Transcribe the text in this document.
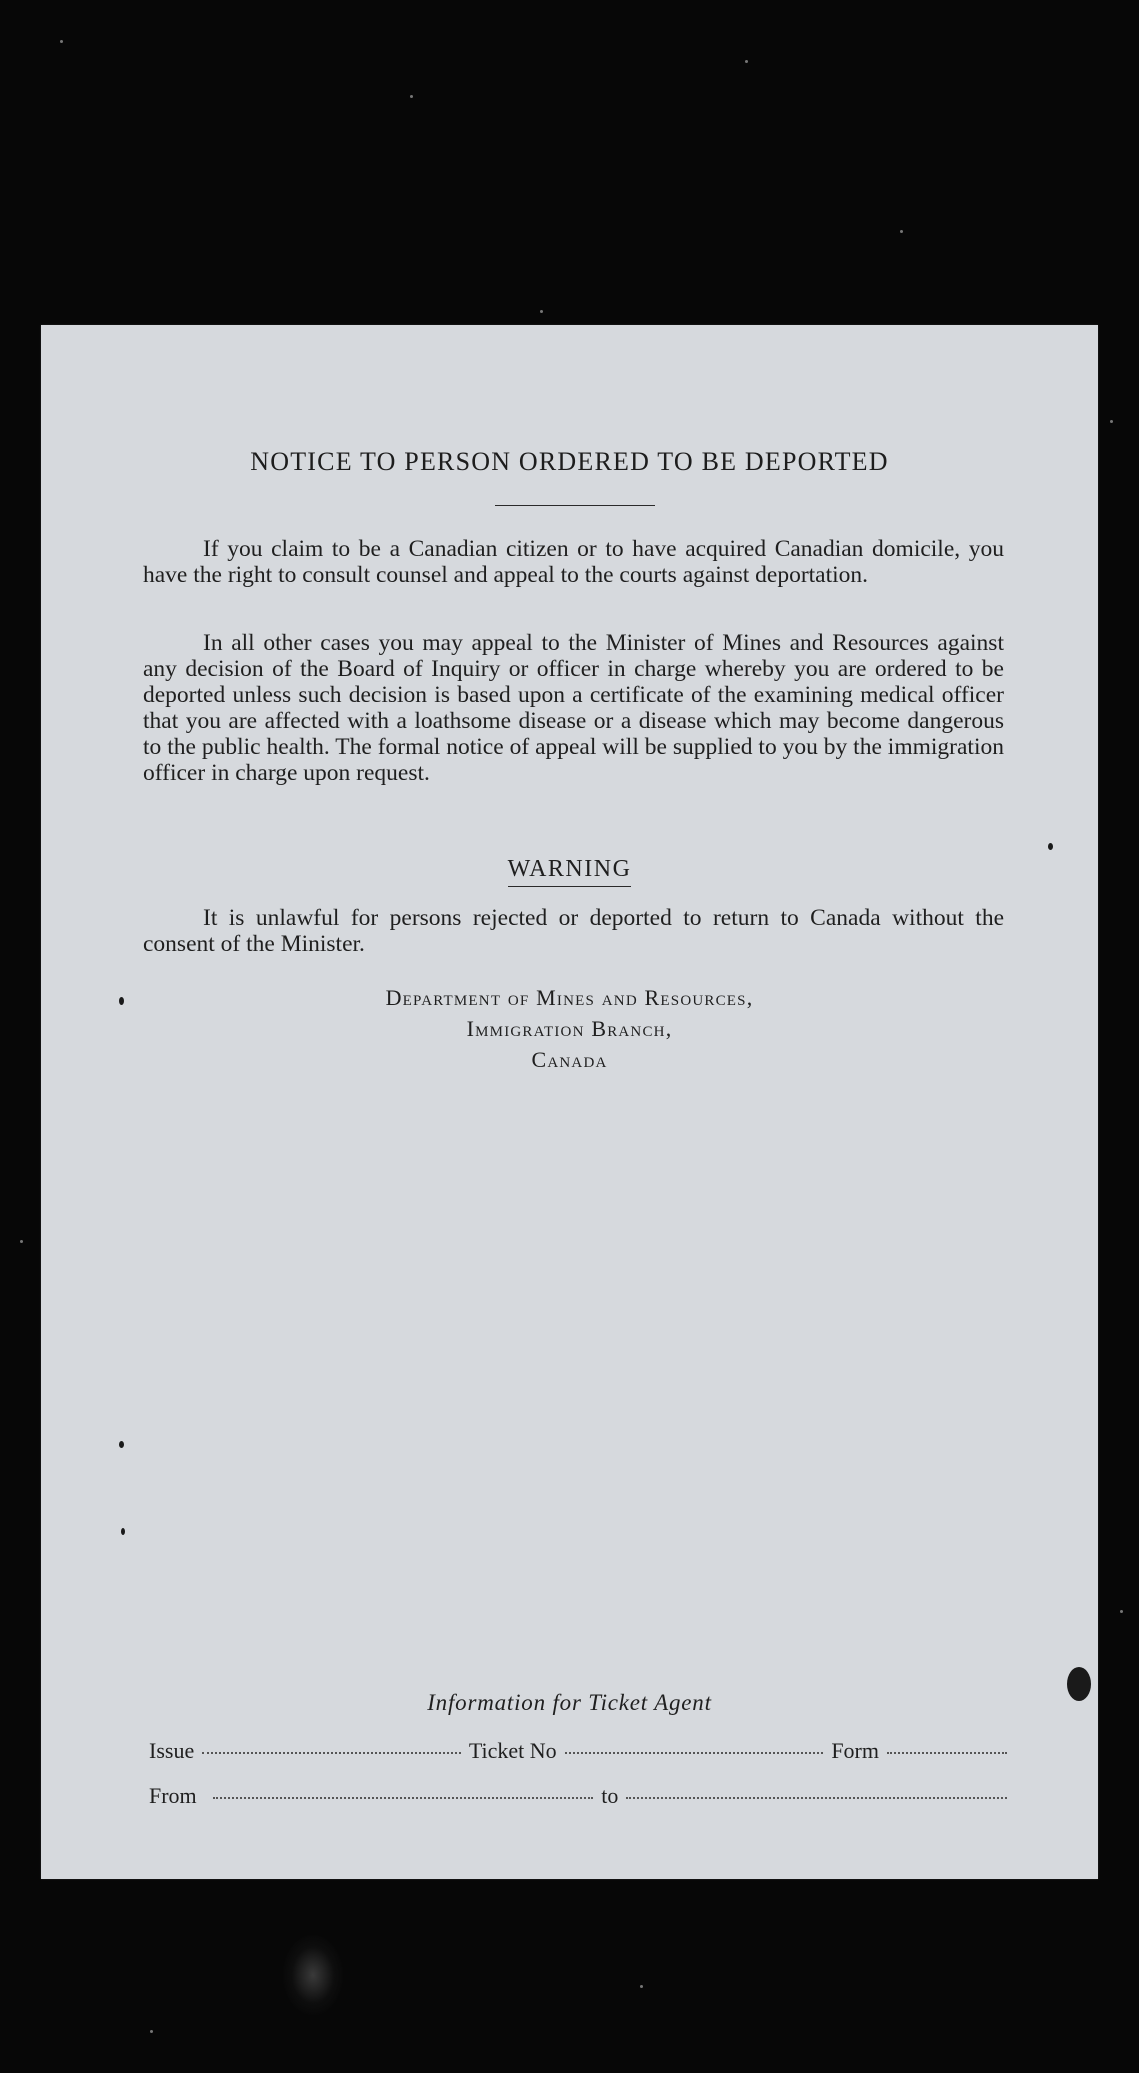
NOTICE TO PERSON ORDERED TO BE DEPORTED

If you claim to be a Canadian citizen or to have acquired Canadian domicile, you have the right to consult counsel and appeal to the courts against deportation.

In all other cases you may appeal to the Minister of Mines and Resources against any decision of the Board of Inquiry or officer in charge whereby you are ordered to be deported unless such decision is based upon a certificate of the examining medical officer that you are affected with a loathsome disease or a disease which may become dangerous to the public health. The formal notice of appeal will be supplied to you by the immigration officer in charge upon request.

WARNING

It is unlawful for persons rejected or deported to return to Canada without the consent of the Minister.

Department of Mines and Resources,
Immigration Branch,
Canada
Information for Ticket Agent
Issue	Ticket No	Form
From	to
